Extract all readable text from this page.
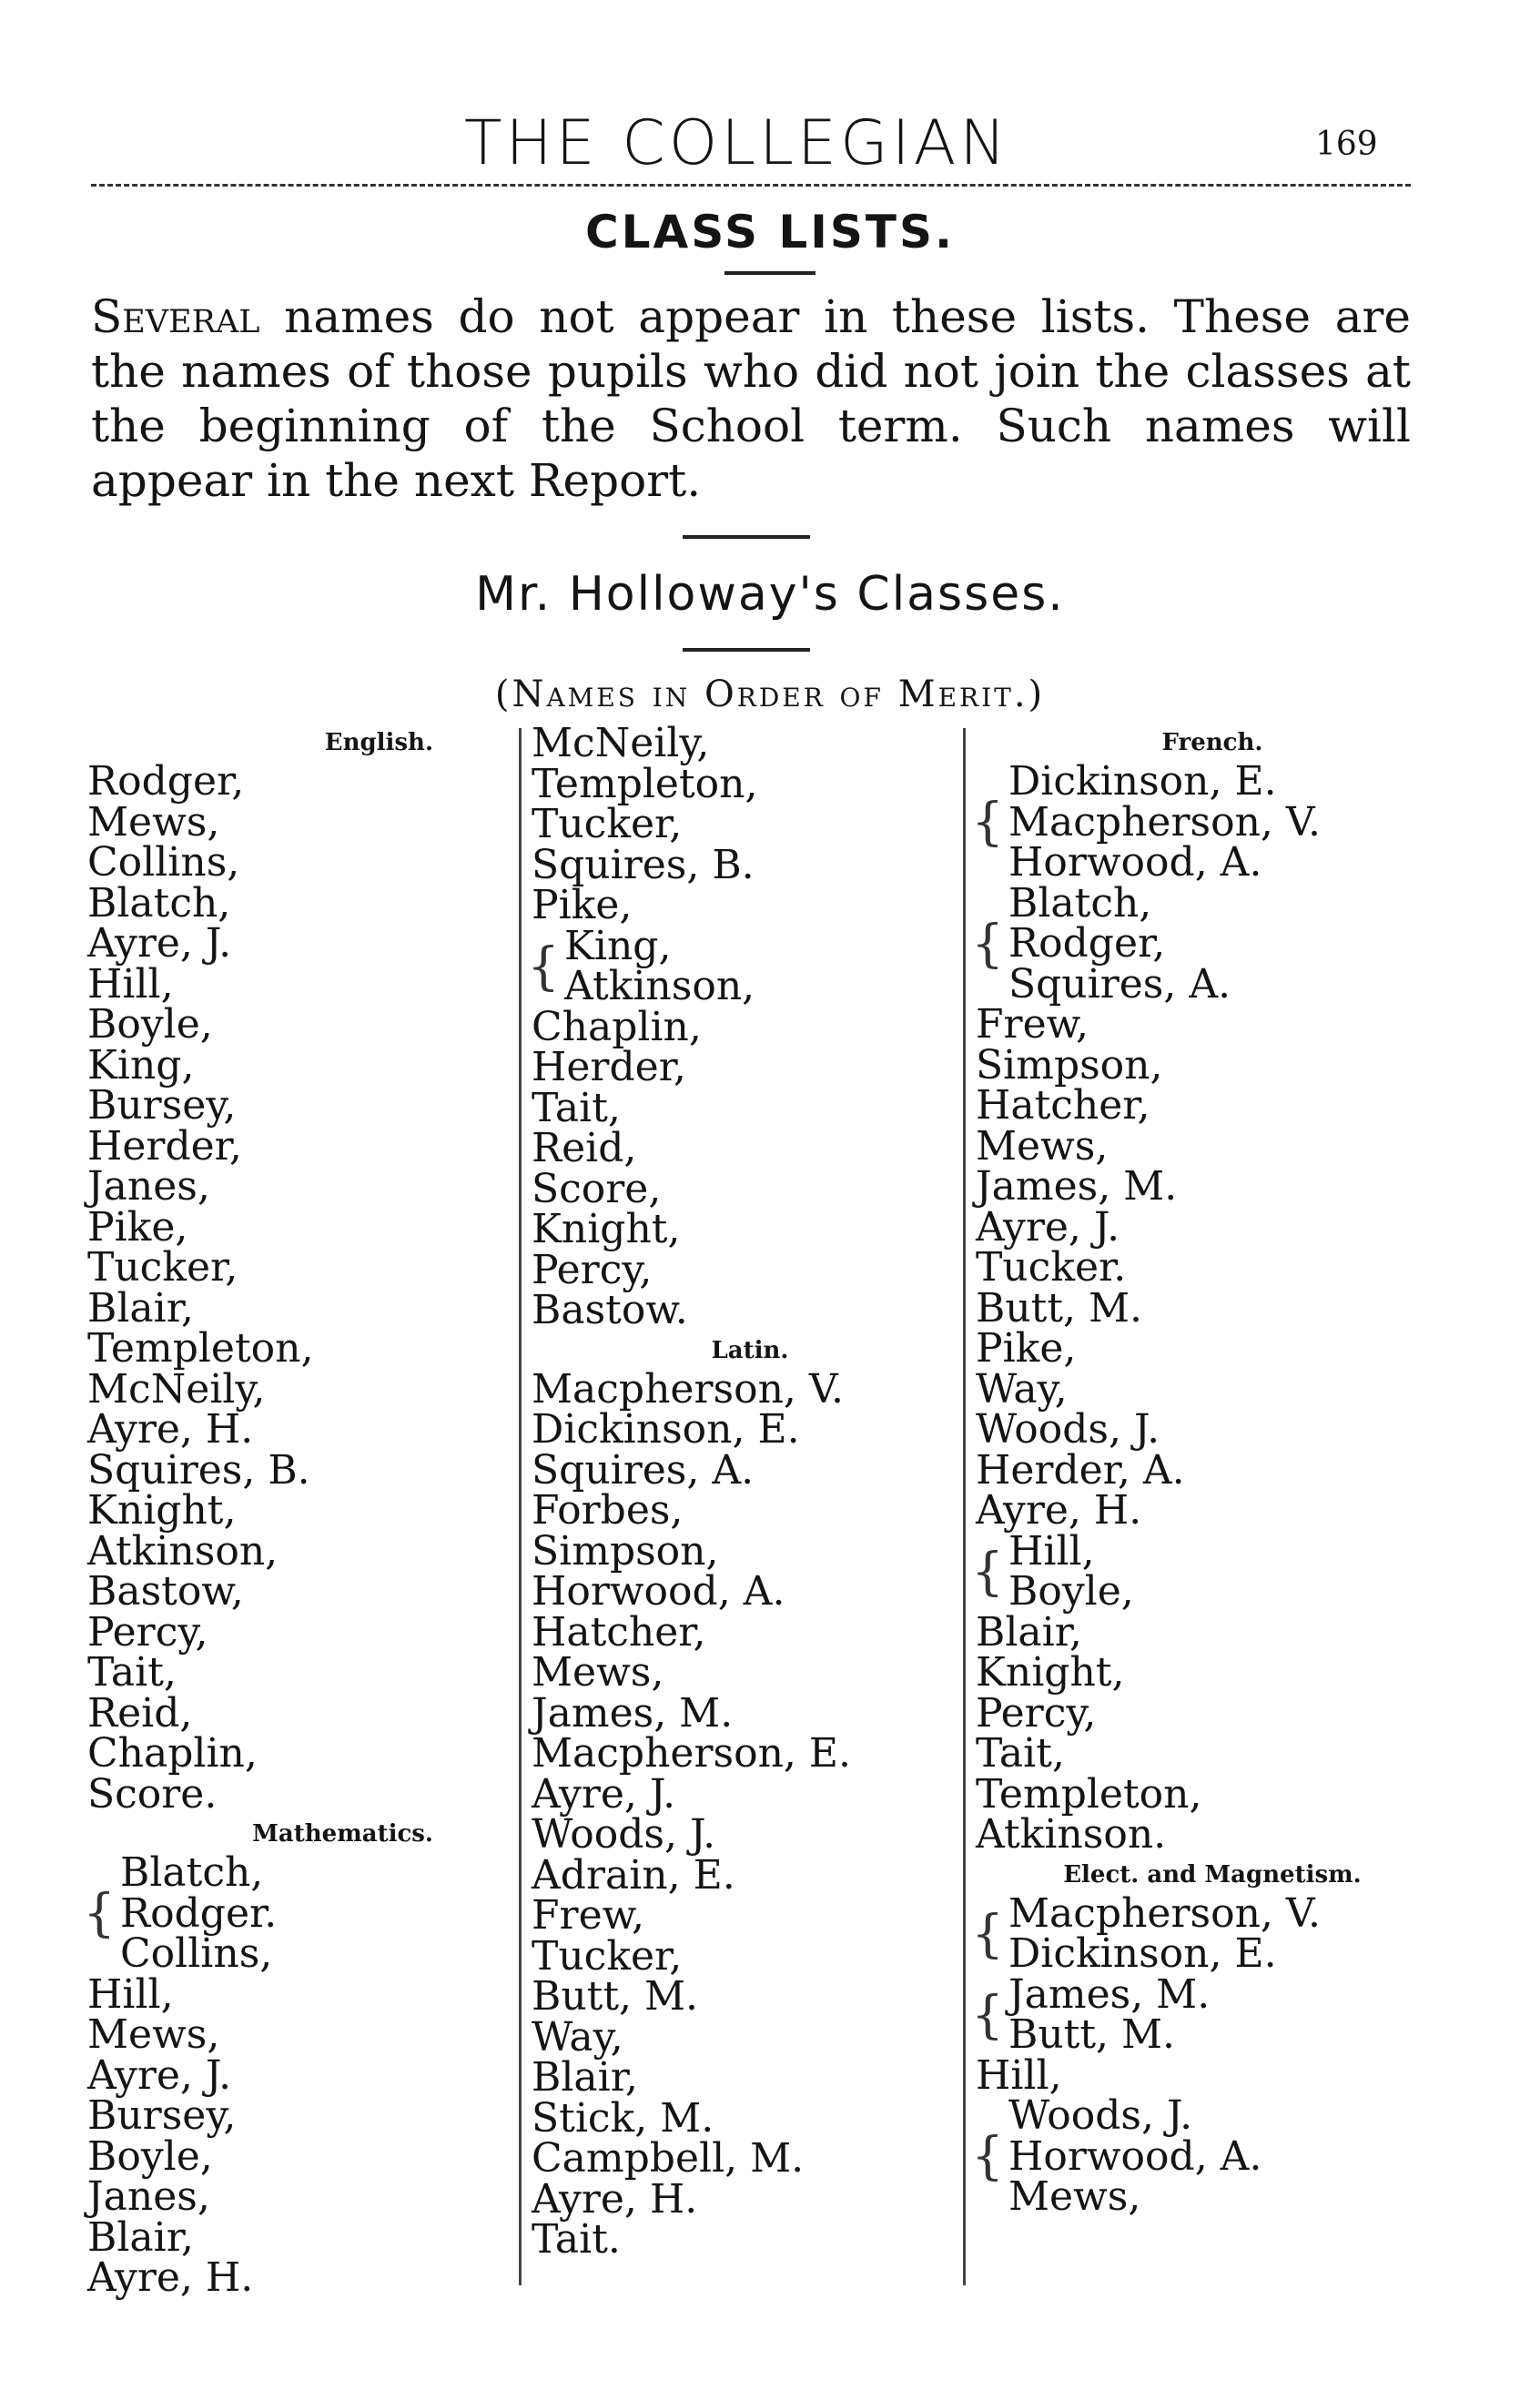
THE COLLEGIAN	169
CLASS LISTS.

Several names do not appear in these lists. These are the names of those pupils who did not join the classes at the beginning of the School term. Such names will appear in the next Report.

Mr. Holloway's Classes.
(Names in Order of Merit.)
English.
Rodger,
Mews,
Collins,
Blatch,
Ayre, J.
Hill,
Boyle,
King,
Bursey,
Herder,
Janes,
Pike,
Tucker,
Blair,
Templeton,
McNeily,
Ayre, H.
Squires, B.
Knight,
Atkinson,
Bastow,
Percy,
Tait,
Reid,
Chaplin,
Score.
Mathematics.
{
Blatch,
Rodger.
Collins,
Hill,
Mews,
Ayre, J.
Bursey,
Boyle,
Janes,
Blair,
Ayre, H.
McNeily,
Templeton,
Tucker,
Squires, B.
Pike,
{ King,
Atkinson,
Chaplin,
Herder,
Tait,
Reid,
Score,
Knight,
Percy,
Bastow.
Latin.
Macpherson, V.
Dickinson, E.
Squires, A.
Forbes,
Simpson,
Horwood, A.
Hatcher,
Mews,
James, M.
Macpherson, E.
Ayre, J.
Woods, J.
Adrain, E.
Frew,
Tucker,
Butt, M.
Way,
Blair,
Stick, M.
Campbell, M.
Ayre, H.
Tait.
French.
{
Dickinson, E.
Macpherson, V.
Horwood, A.
{
Blatch,
Rodger,
Squires, A.
Frew,
Simpson,
Hatcher,
Mews,
James, M.
Ayre, J.
Tucker.
Butt, M.
Pike,
Way,
Woods, J.
Herder, A.
Ayre, H.
{ Hill,
Boyle,
Blair,
Knight,
Percy,
Tait,
Templeton,
Atkinson.
Elect. and Magnetism.
{ Macpherson, V.
Dickinson, E.
{ James, M.
Butt, M.
Hill,
{
Woods, J.
Horwood, A.
Mews,
